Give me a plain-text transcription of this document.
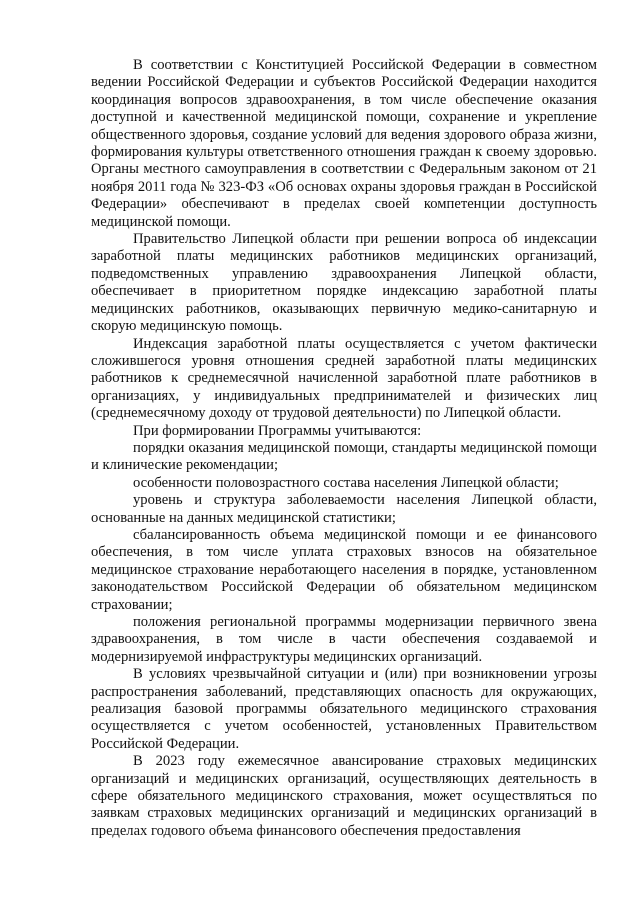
В соответствии с Конституцией Российской Федерации в совместном ведении Российской Федерации и субъектов Российской Федерации находится координация вопросов здравоохранения, в том числе обеспечение оказания доступной и качественной медицинской помощи, сохранение и укрепление общественного здоровья, создание условий для ведения здорового образа жизни, формирования культуры ответственного отношения граждан к своему здоровью. Органы местного самоуправления в соответствии с Федеральным законом от 21 ноября 2011 года № 323-ФЗ «Об основах охраны здоровья граждан в Российской Федерации» обеспечивают в пределах своей компетенции доступность медицинской помощи.

Правительство Липецкой области при решении вопроса об индексации заработной платы медицинских работников медицинских организаций, подведомственных управлению здравоохранения Липецкой области, обеспечивает в приоритетном порядке индексацию заработной платы медицинских работников, оказывающих первичную медико-санитарную и скорую медицинскую помощь.

Индексация заработной платы осуществляется с учетом фактически сложившегося уровня отношения средней заработной платы медицинских работников к среднемесячной начисленной заработной плате работников в организациях, у индивидуальных предпринимателей и физических лиц (среднемесячному доходу от трудовой деятельности) по Липецкой области.

При формировании Программы учитываются:

порядки оказания медицинской помощи, стандарты медицинской помощи и клинические рекомендации;

особенности половозрастного состава населения Липецкой области;

уровень и структура заболеваемости населения Липецкой области, основанные на данных медицинской статистики;

сбалансированность объема медицинской помощи и ее финансового обеспечения, в том числе уплата страховых взносов на обязательное медицинское страхование неработающего населения в порядке, установленном законодательством Российской Федерации об обязательном медицинском страховании;

положения региональной программы модернизации первичного звена здравоохранения, в том числе в части обеспечения создаваемой и модернизируемой инфраструктуры медицинских организаций.

В условиях чрезвычайной ситуации и (или) при возникновении угрозы распространения заболеваний, представляющих опасность для окружающих, реализация базовой программы обязательного медицинского страхования осуществляется с учетом особенностей, установленных Правительством Российской Федерации.

В 2023 году ежемесячное авансирование страховых медицинских организаций и медицинских организаций, осуществляющих деятельность в сфере обязательного медицинского страхования, может осуществляться по заявкам страховых медицинских организаций и медицинских организаций в пределах годового объема финансового обеспечения предоставления
